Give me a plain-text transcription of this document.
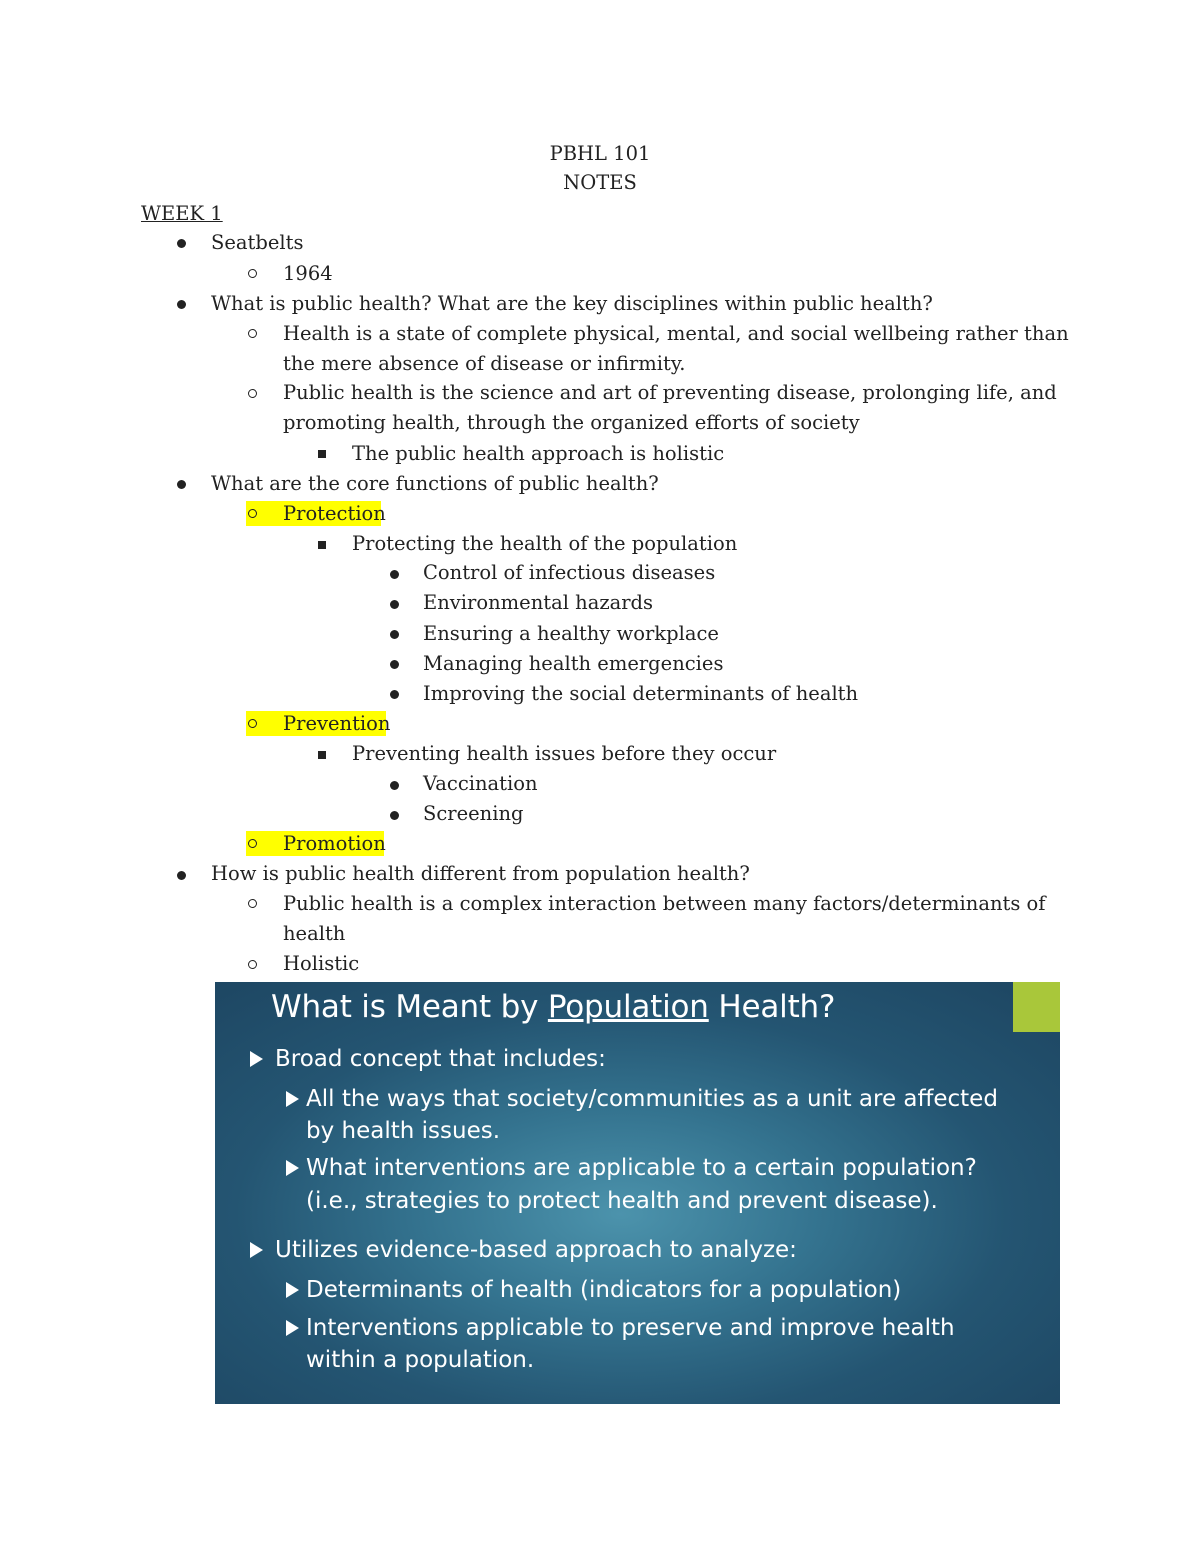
PBHL 101
NOTES
WEEK 1
Seatbelts
1964
What is public health? What are the key disciplines within public health?
Health is a state of complete physical, mental, and social wellbeing rather than
the mere absence of disease or infirmity.
Public health is the science and art of preventing disease, prolonging life, and
promoting health, through the organized efforts of society
The public health approach is holistic
What are the core functions of public health?
Protection
Protecting the health of the population
Control of infectious diseases
Environmental hazards
Ensuring a healthy workplace
Managing health emergencies
Improving the social determinants of health
Prevention
Preventing health issues before they occur
Vaccination
Screening
Promotion
How is public health different from population health?
Public health is a complex interaction between many factors/determinants of
health
Holistic
What is Meant by Population Health?
Broad concept that includes:
All the ways that society/communities as a unit are affected
by health issues.
What interventions are applicable to a certain population?
(i.e., strategies to protect health and prevent disease).
Utilizes evidence-based approach to analyze:
Determinants of health (indicators for a population)
Interventions applicable to preserve and improve health
within a population.
